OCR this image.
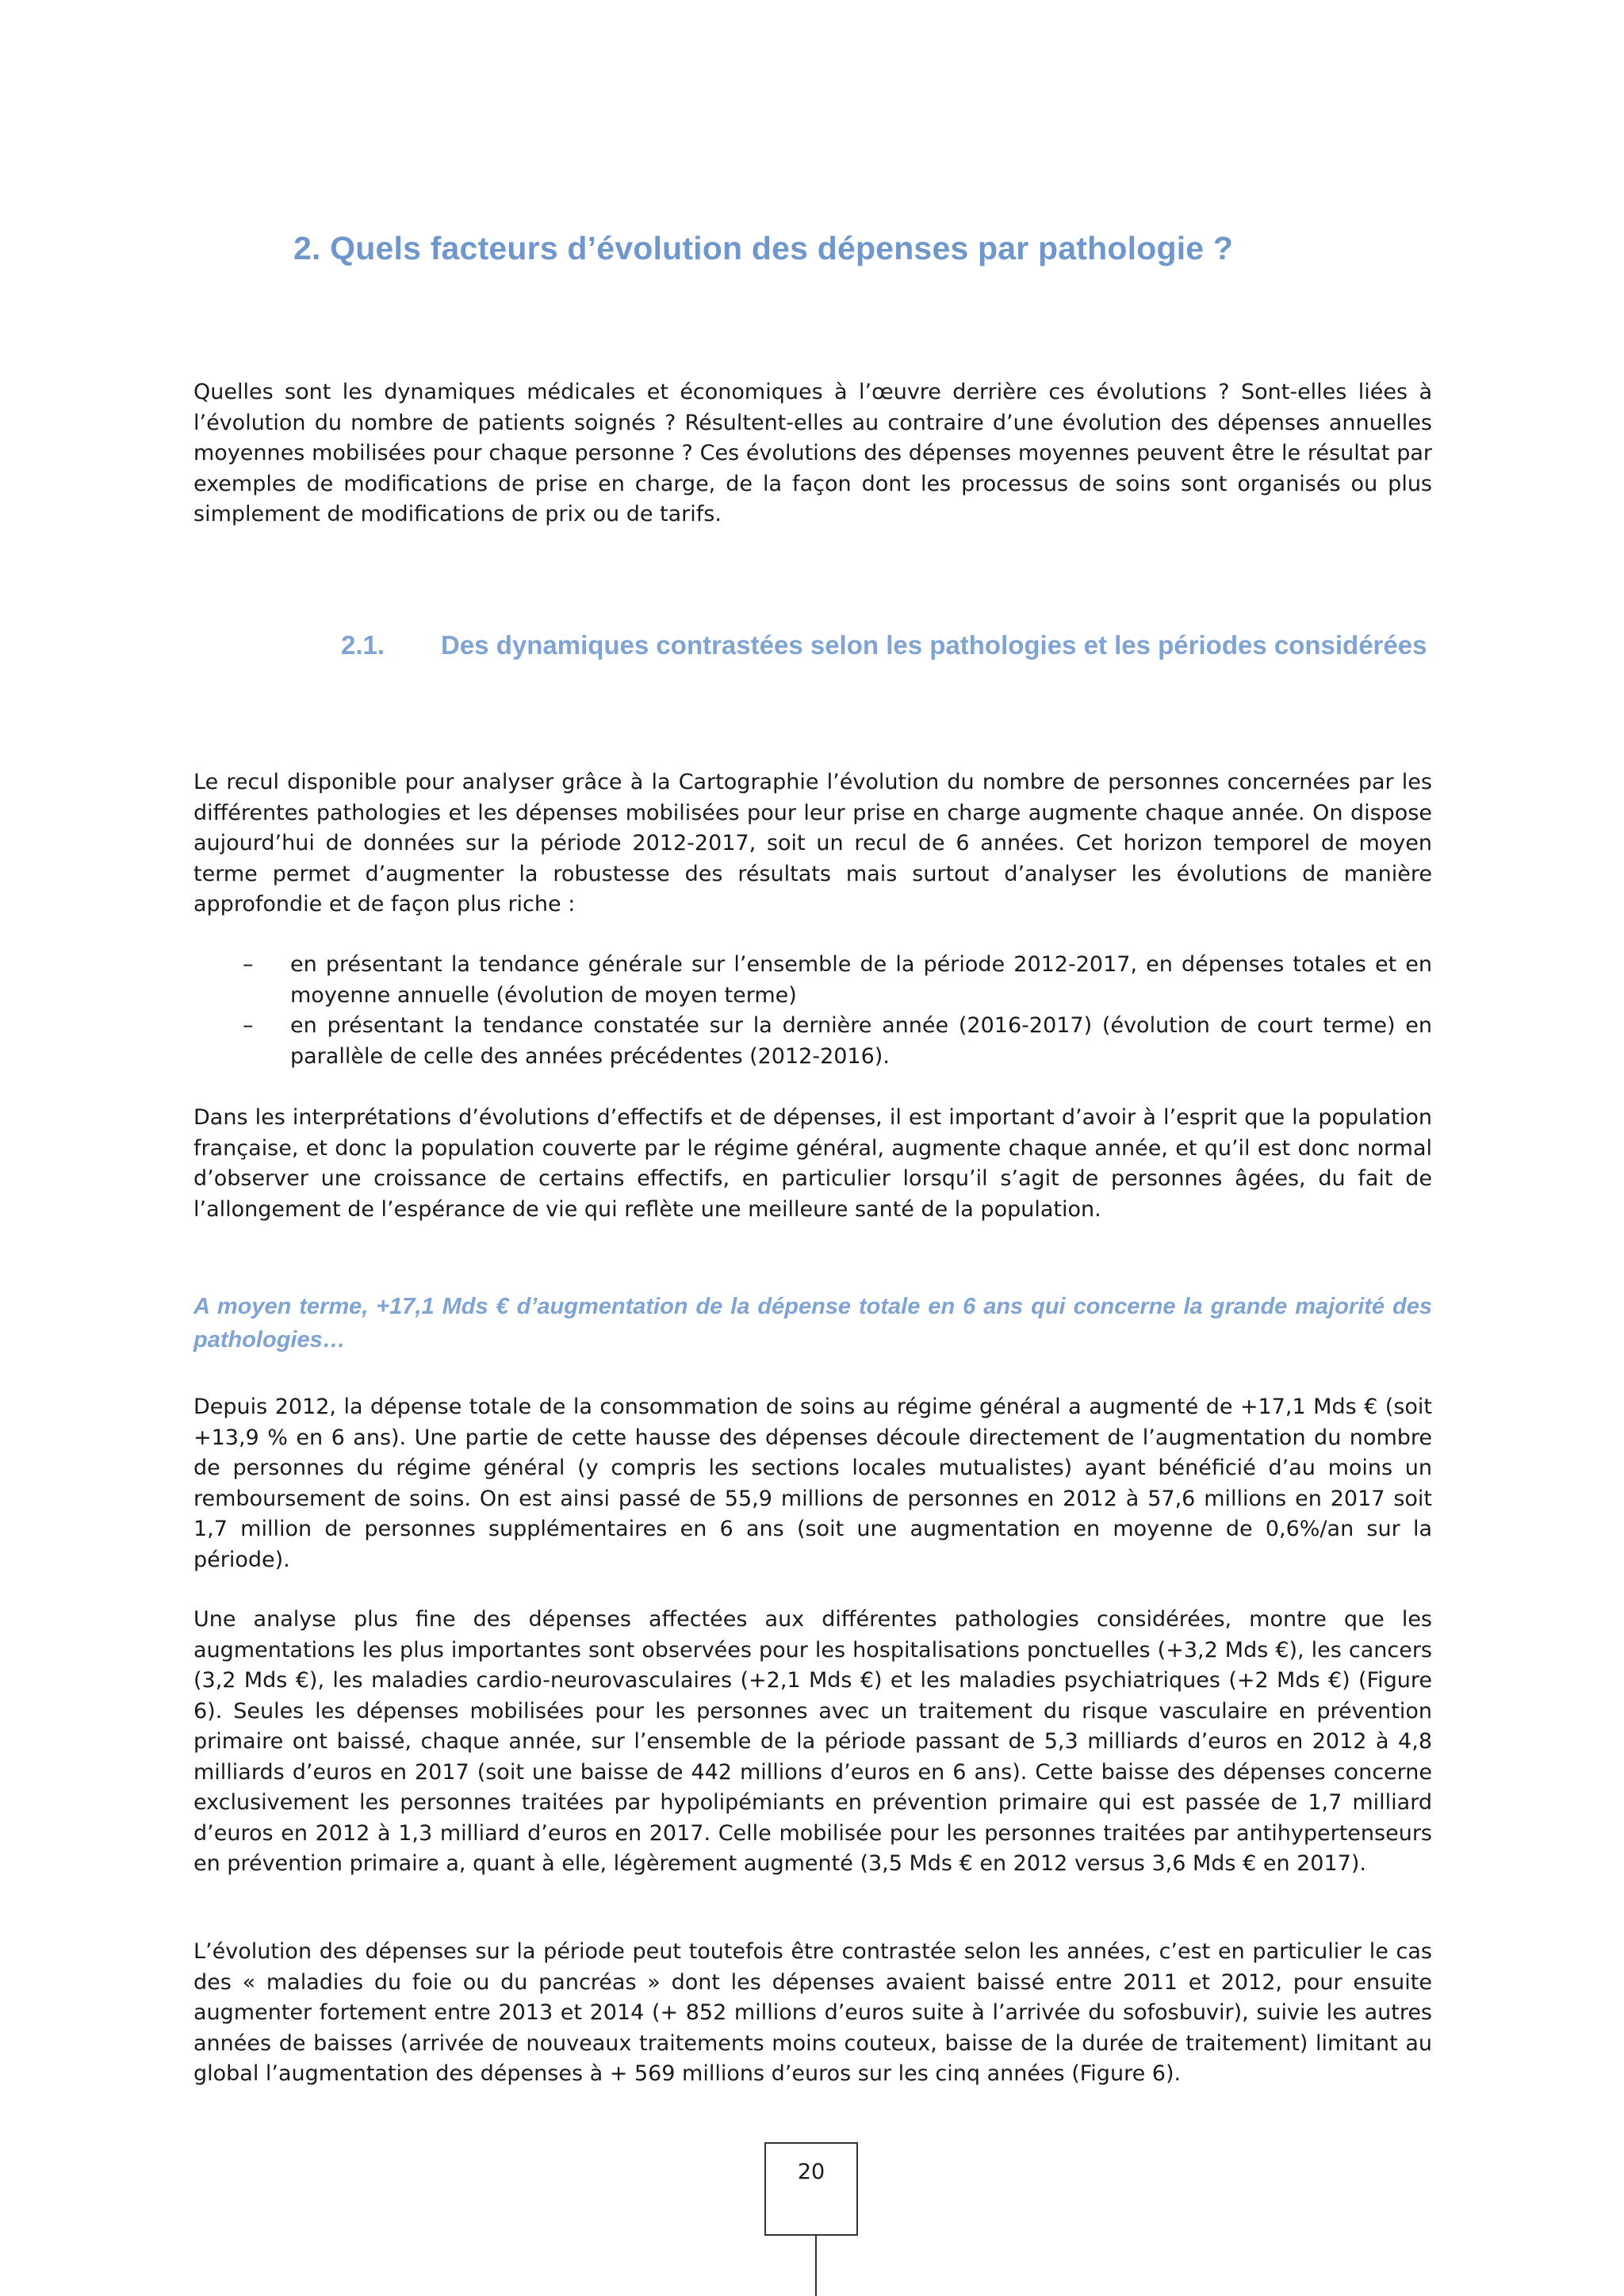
2. Quels facteurs d’évolution des dépenses par pathologie ?

Quelles sont les dynamiques médicales et économiques à l’œuvre derrière ces évolutions ? Sont-elles liées à l’évolution du nombre de patients soignés ? Résultent-elles au contraire d’une évolution des dépenses annuelles moyennes mobilisées pour chaque personne ? Ces évolutions des dépenses moyennes peuvent être le résultat par exemples de modifications de prise en charge, de la façon dont les processus de soins sont organisés ou plus simplement de modifications de prix ou de tarifs.

2.1. Des dynamiques contrastées selon les pathologies et les périodes considérées

Le recul disponible pour analyser grâce à la Cartographie l’évolution du nombre de personnes concernées par les différentes pathologies et les dépenses mobilisées pour leur prise en charge augmente chaque année. On dispose aujourd’hui de données sur la période 2012-2017, soit un recul de 6 années. Cet horizon temporel de moyen terme permet d’augmenter la robustesse des résultats mais surtout d’analyser les évolutions de manière approfondie et de façon plus riche :

– en présentant la tendance générale sur l’ensemble de la période 2012-2017, en dépenses totales et en moyenne annuelle (évolution de moyen terme)
– en présentant la tendance constatée sur la dernière année (2016-2017) (évolution de court terme) en parallèle de celle des années précédentes (2012-2016).

Dans les interprétations d’évolutions d’effectifs et de dépenses, il est important d’avoir à l’esprit que la population française, et donc la population couverte par le régime général, augmente chaque année, et qu’il est donc normal d’observer une croissance de certains effectifs, en particulier lorsqu’il s’agit de personnes âgées, du fait de l’allongement de l’espérance de vie qui reflète une meilleure santé de la population.

A moyen terme, +17,1 Mds € d’augmentation de la dépense totale en 6 ans qui concerne la grande majorité des pathologies…

Depuis 2012, la dépense totale de la consommation de soins au régime général a augmenté de +17,1 Mds € (soit +13,9 % en 6 ans). Une partie de cette hausse des dépenses découle directement de l’augmentation du nombre de personnes du régime général (y compris les sections locales mutualistes) ayant bénéficié d’au moins un remboursement de soins. On est ainsi passé de 55,9 millions de personnes en 2012 à 57,6 millions en 2017 soit 1,7 million de personnes supplémentaires en 6 ans (soit une augmentation en moyenne de 0,6%/an sur la période).

Une analyse plus fine des dépenses affectées aux différentes pathologies considérées, montre que les augmentations les plus importantes sont observées pour les hospitalisations ponctuelles (+3,2 Mds €), les cancers (3,2 Mds €), les maladies cardio-neurovasculaires (+2,1 Mds €) et les maladies psychiatriques (+2 Mds €) (Figure 6). Seules les dépenses mobilisées pour les personnes avec un traitement du risque vasculaire en prévention primaire ont baissé, chaque année, sur l’ensemble de la période passant de 5,3 milliards d’euros en 2012 à 4,8 milliards d’euros en 2017 (soit une baisse de 442 millions d’euros en 6 ans). Cette baisse des dépenses concerne exclusivement les personnes traitées par hypolipémiants en prévention primaire qui est passée de 1,7 milliard d’euros en 2012 à 1,3 milliard d’euros en 2017. Celle mobilisée pour les personnes traitées par antihypertenseurs en prévention primaire a, quant à elle, légèrement augmenté (3,5 Mds € en 2012 versus 3,6 Mds € en 2017).

L’évolution des dépenses sur la période peut toutefois être contrastée selon les années, c’est en particulier le cas des « maladies du foie ou du pancréas » dont les dépenses avaient baissé entre 2011 et 2012, pour ensuite augmenter fortement entre 2013 et 2014 (+ 852 millions d’euros suite à l’arrivée du sofosbuvir), suivie les autres années de baisses (arrivée de nouveaux traitements moins couteux, baisse de la durée de traitement) limitant au global l’augmentation des dépenses à + 569 millions d’euros sur les cinq années (Figure 6).

20
